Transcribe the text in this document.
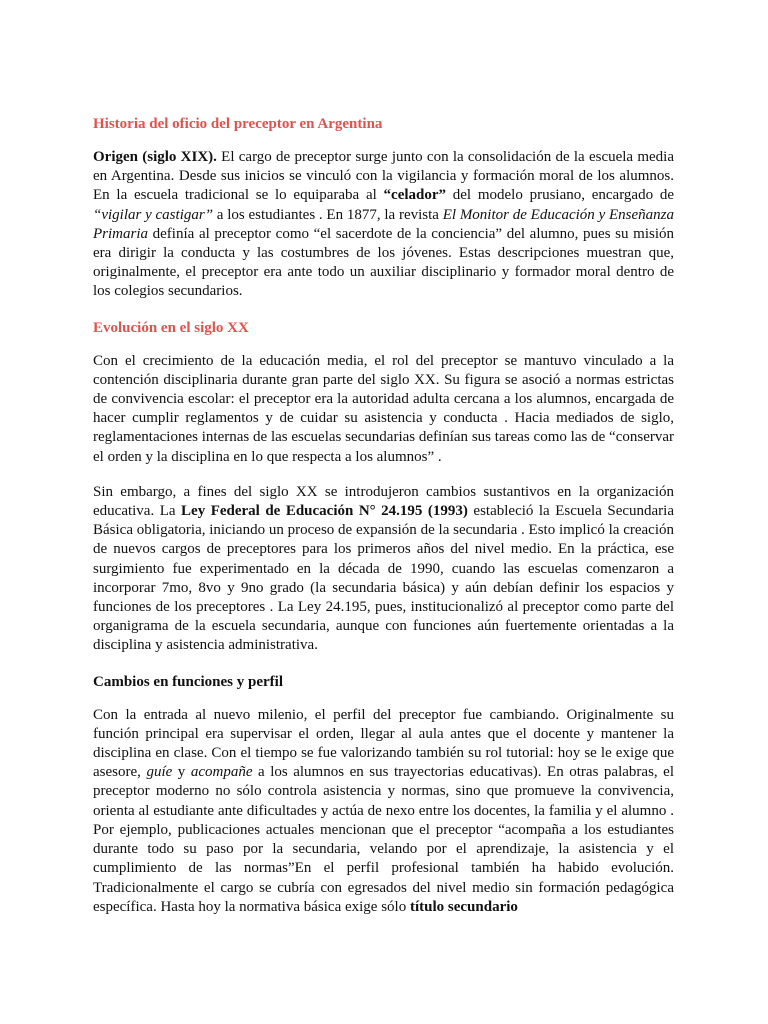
Historia del oficio del preceptor en Argentina

Origen (siglo XIX). El cargo de preceptor surge junto con la consolidación de la escuela media en Argentina. Desde sus inicios se vinculó con la vigilancia y formación moral de los alumnos. En la escuela tradicional se lo equiparaba al “celador” del modelo prusiano, encargado de “vigilar y castigar” a los estudiantes . En 1877, la revista El Monitor de Educación y Enseñanza Primaria definía al preceptor como “el sacerdote de la conciencia” del alumno, pues su misión era dirigir la conducta y las costumbres de los jóvenes. Estas descripciones muestran que, originalmente, el preceptor era ante todo un auxiliar disciplinario y formador moral dentro de los colegios secundarios.

Evolución en el siglo XX

Con el crecimiento de la educación media, el rol del preceptor se mantuvo vinculado a la contención disciplinaria durante gran parte del siglo XX. Su figura se asoció a normas estrictas de convivencia escolar: el preceptor era la autoridad adulta cercana a los alumnos, encargada de hacer cumplir reglamentos y de cuidar su asistencia y conducta . Hacia mediados de siglo, reglamentaciones internas de las escuelas secundarias definían sus tareas como las de “conservar el orden y la disciplina en lo que respecta a los alumnos” .

Sin embargo, a fines del siglo XX se introdujeron cambios sustantivos en la organización educativa. La Ley Federal de Educación N° 24.195 (1993) estableció la Escuela Secundaria Básica obligatoria, iniciando un proceso de expansión de la secundaria . Esto implicó la creación de nuevos cargos de preceptores para los primeros años del nivel medio. En la práctica, ese surgimiento fue experimentado en la década de 1990, cuando las escuelas comenzaron a incorporar 7mo, 8vo y 9no grado (la secundaria básica) y aún debían definir los espacios y funciones de los preceptores . La Ley 24.195, pues, institucionalizó al preceptor como parte del organigrama de la escuela secundaria, aunque con funciones aún fuertemente orientadas a la disciplina y asistencia administrativa.

Cambios en funciones y perfil

Con la entrada al nuevo milenio, el perfil del preceptor fue cambiando. Originalmente su función principal era supervisar el orden, llegar al aula antes que el docente y mantener la disciplina en clase. Con el tiempo se fue valorizando también su rol tutorial: hoy se le exige que asesore, guíe y acompañe a los alumnos en sus trayectorias educativas). En otras palabras, el preceptor moderno no sólo controla asistencia y normas, sino que promueve la convivencia, orienta al estudiante ante dificultades y actúa de nexo entre los docentes, la familia y el alumno . Por ejemplo, publicaciones actuales mencionan que el preceptor “acompaña a los estudiantes durante todo su paso por la secundaria, velando por el aprendizaje, la asistencia y el cumplimiento de las normas”En el perfil profesional también ha habido evolución. Tradicionalmente el cargo se cubría con egresados del nivel medio sin formación pedagógica específica. Hasta hoy la normativa básica exige sólo título secundario
